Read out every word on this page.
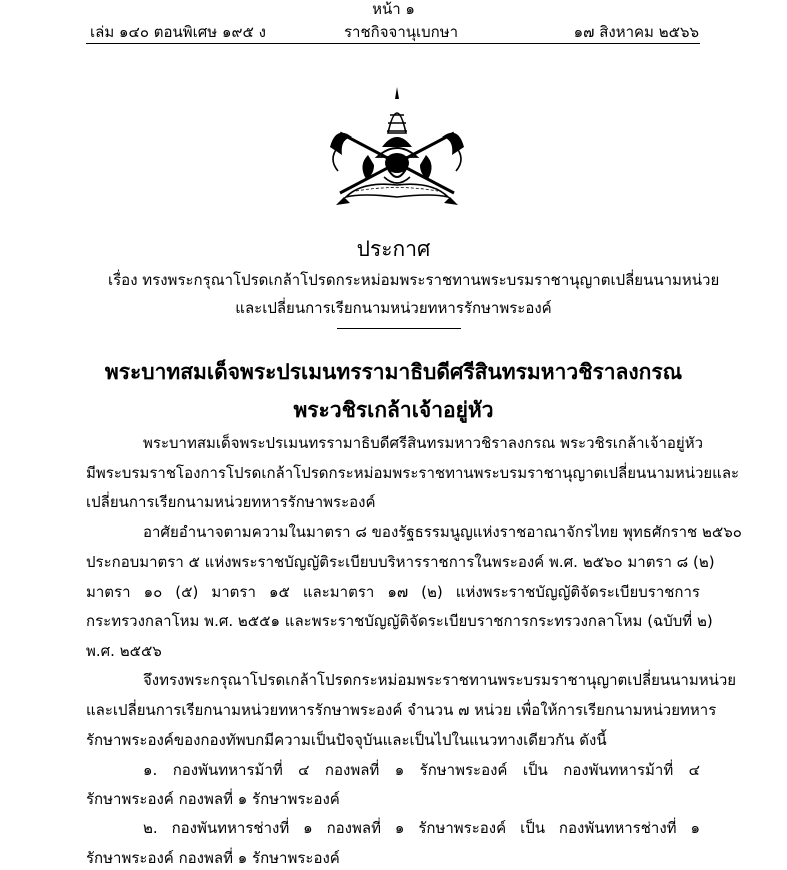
หน้า ๑
เล่ม ๑๔๐ ตอนพิเศษ ๑๙๕ ง	ราชกิจจานุเบกษา	๑๗ สิงหาคม ๒๕๖๖
ประกาศ
เรื่อง ทรงพระกรุณาโปรดเกล้าโปรดกระหม่อมพระราชทานพระบรมราชานุญาตเปลี่ยนนามหน่วย
และเปลี่ยนการเรียกนามหน่วยทหารรักษาพระองค์
พระบาทสมเด็จพระปรเมนทรรามาธิบดีศรีสินทรมหาวชิราลงกรณ
พระวชิรเกล้าเจ้าอยู่หัว
พระบาทสมเด็จพระปรเมนทรรามาธิบดีศรีสินทรมหาวชิราลงกรณ พระวชิรเกล้าเจ้าอยู่หัว
มีพระบรมราชโองการโปรดเกล้าโปรดกระหม่อมพระราชทานพระบรมราชานุญาตเปลี่ยนนามหน่วยและ
เปลี่ยนการเรียกนามหน่วยทหารรักษาพระองค์
อาศัยอำนาจตามความในมาตรา ๘ ของรัฐธรรมนูญแห่งราชอาณาจักรไทย พุทธศักราช ๒๕๖๐
ประกอบมาตรา ๕ แห่งพระราชบัญญัติระเบียบบริหารราชการในพระองค์ พ.ศ. ๒๕๖๐ มาตรา ๘ (๒)
มาตรา ๑๐ (๕) มาตรา ๑๕ และมาตรา ๑๗ (๒) แห่งพระราชบัญญัติจัดระเบียบราชการ
กระทรวงกลาโหม พ.ศ. ๒๕๕๑ และพระราชบัญญัติจัดระเบียบราชการกระทรวงกลาโหม (ฉบับที่ ๒)
พ.ศ. ๒๕๕๖
จึงทรงพระกรุณาโปรดเกล้าโปรดกระหม่อมพระราชทานพระบรมราชานุญาตเปลี่ยนนามหน่วย
และเปลี่ยนการเรียกนามหน่วยทหารรักษาพระองค์ จำนวน ๗ หน่วย เพื่อให้การเรียกนามหน่วยทหาร
รักษาพระองค์ของกองทัพบกมีความเป็นปัจจุบันและเป็นไปในแนวทางเดียวกัน ดังนี้
๑. กองพันทหารม้าที่ ๔ กองพลที่ ๑ รักษาพระองค์ เป็น กองพันทหารม้าที่ ๔
รักษาพระองค์ กองพลที่ ๑ รักษาพระองค์
๒. กองพันทหารช่างที่ ๑ กองพลที่ ๑ รักษาพระองค์ เป็น กองพันทหารช่างที่ ๑
รักษาพระองค์ กองพลที่ ๑ รักษาพระองค์
